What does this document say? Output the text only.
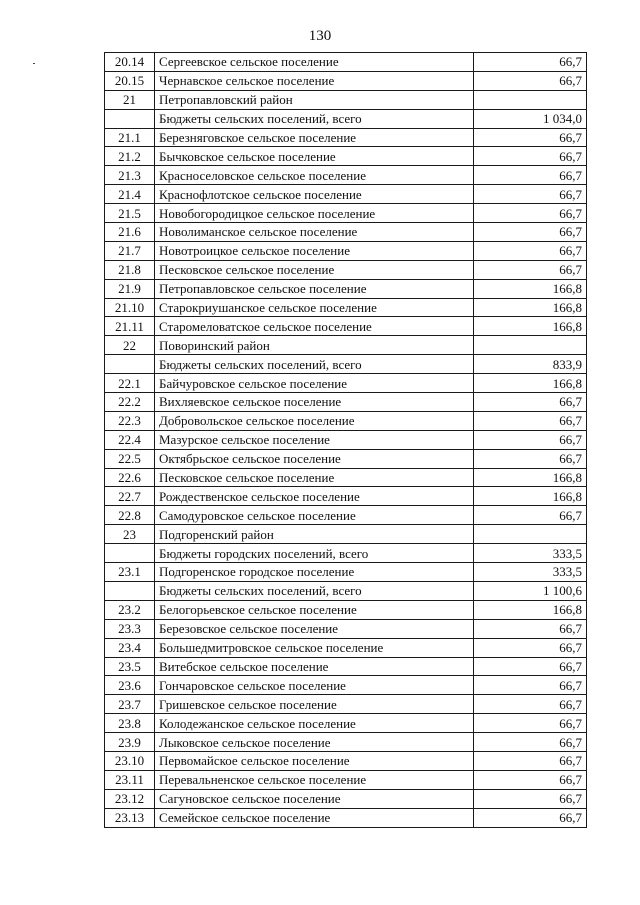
130
20.14	Сергеевское сельское поселение	66,7
20.15	Чернавское сельское поселение	66,7
21	Петропавловский район	
	Бюджеты сельских поселений, всего	1 034,0
21.1	Березняговское сельское поселение	66,7
21.2	Бычковское сельское поселение	66,7
21.3	Красноселовское сельское поселение	66,7
21.4	Краснофлотское сельское поселение	66,7
21.5	Новобогородицкое сельское поселение	66,7
21.6	Новолиманское сельское поселение	66,7
21.7	Новотроицкое сельское поселение	66,7
21.8	Песковское сельское поселение	66,7
21.9	Петропавловское сельское поселение	166,8
21.10	Старокриушанское сельское поселение	166,8
21.11	Старомеловатское сельское поселение	166,8
22	Поворинский район	
	Бюджеты сельских поселений, всего	833,9
22.1	Байчуровское сельское поселение	166,8
22.2	Вихляевское сельское поселение	66,7
22.3	Добровольское сельское поселение	66,7
22.4	Мазурское сельское поселение	66,7
22.5	Октябрьское сельское поселение	66,7
22.6	Песковское сельское поселение	166,8
22.7	Рождественское сельское поселение	166,8
22.8	Самодуровское сельское поселение	66,7
23	Подгоренский район	
	Бюджеты городских поселений, всего	333,5
23.1	Подгоренское городское поселение	333,5
	Бюджеты сельских поселений, всего	1 100,6
23.2	Белогорьевское сельское поселение	166,8
23.3	Березовское сельское поселение	66,7
23.4	Большедмитровское сельское поселение	66,7
23.5	Витебское сельское поселение	66,7
23.6	Гончаровское сельское поселение	66,7
23.7	Гришевское сельское поселение	66,7
23.8	Колодежанское сельское поселение	66,7
23.9	Лыковское сельское поселение	66,7
23.10	Первомайское сельское поселение	66,7
23.11	Перевальненское сельское поселение	66,7
23.12	Сагуновское сельское поселение	66,7
23.13	Семейское сельское поселение	66,7
